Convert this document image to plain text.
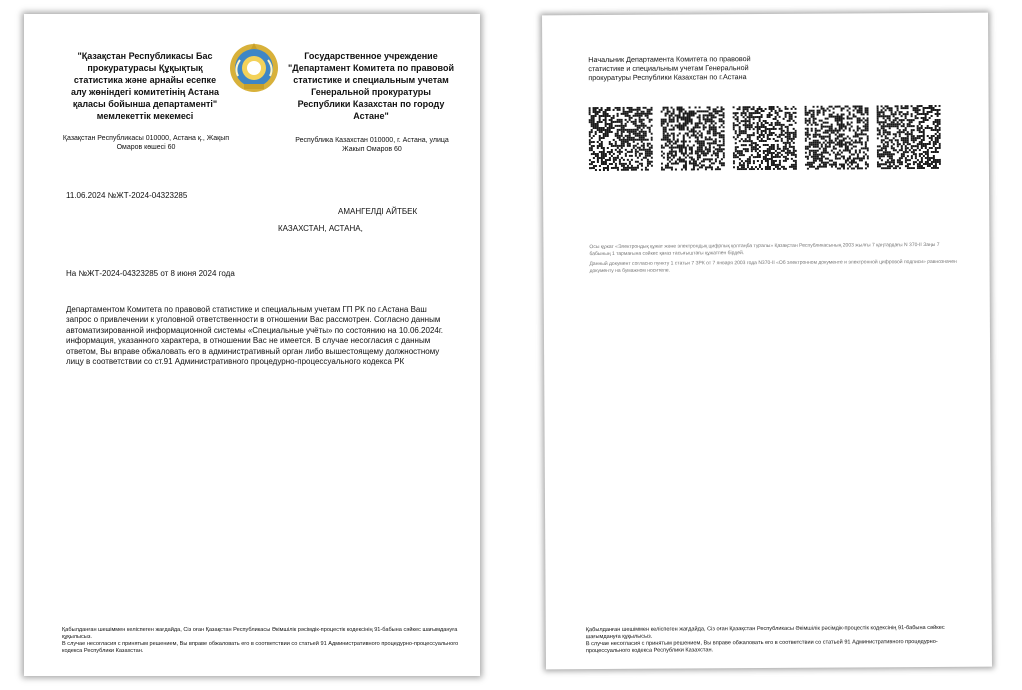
"Қазақстан Республикасы Бас прокуратурасы Құқықтық статистика және арнайы есепке алу жөніндегі комитетінің Астана қаласы бойынша департаменті" мемлекеттік мекемесі
Государственное учреждение "Департамент Комитета по правовой статистике и специальным учетам Генеральной прокуратуры Республики Казахстан по городу Астане"
Қазақстан Республикасы 010000, Астана қ., Жақып Омаров көшесі 60
Республика Казахстан 010000, г. Астана, улица Жакып Омаров 60
11.06.2024 №ЖТ-2024-04323285
АМАНГЕЛДІ АЙТБЕК
КАЗАХСТАН, АСТАНА,
На №ЖТ-2024-04323285 от 8 июня 2024 года
Департаментом Комитета по правовой статистике и специальным учетам ГП РК по г.Астана Ваш запрос о привлечении к уголовной ответственности в отношении Вас рассмотрен. Согласно данным автоматизированной информационной системы «Специальные учёты» по состоянию на 10.06.2024г. информация, указанного характера, в отношении Вас не имеется. В случае несогласия с данным ответом, Вы вправе обжаловать его в административный орган либо вышестоящему должностному лицу в соответствии со ст.91 Административного процедурно-процессуального кодекса РК
Қабылданған шешіммен келіспеген жағдайда, Сіз оған Қазақстан Республикасы Әкімшілік рәсімдік-процестік кодексінің 91-бабына сәйкес шағымдануға құқылысыз.
В случае несогласия с принятым решением, Вы вправе обжаловать его в соответствии со статьей 91 Административного процедурно-процессуального кодекса Республики Казахстан.
Начальник Департамента Комитета по правовой статистике и специальным учетам Генеральной прокуратуры Республики Казахстан по г.Астана
Осы құжат «Электрондық құжат және электрондық цифрлық қолтаңба туралы» Қазақстан Республикасының 2003 жылғы 7 қаңтардағы N 370-II Заңы 7 бабының 1 тармағына сәйкес қағаз тасығыштағы құжатпен бірдей.
Данный документ согласно пункту 1 статьи 7 ЗРК от 7 января 2003 года N370-II «Об электронном документе и электронной цифровой подписи» равнозначен документу на бумажном носителе.
Қабылданған шешіммен келіспеген жағдайда, Сіз оған Қазақстан Республикасы Әкімшілік рәсімдік-процестік кодексінің 91-бабына сәйкес шағымдануға құқылысыз.
В случае несогласия с принятым решением, Вы вправе обжаловать его в соответствии со статьей 91 Административного процедурно-процессуального кодекса Республики Казахстан.
